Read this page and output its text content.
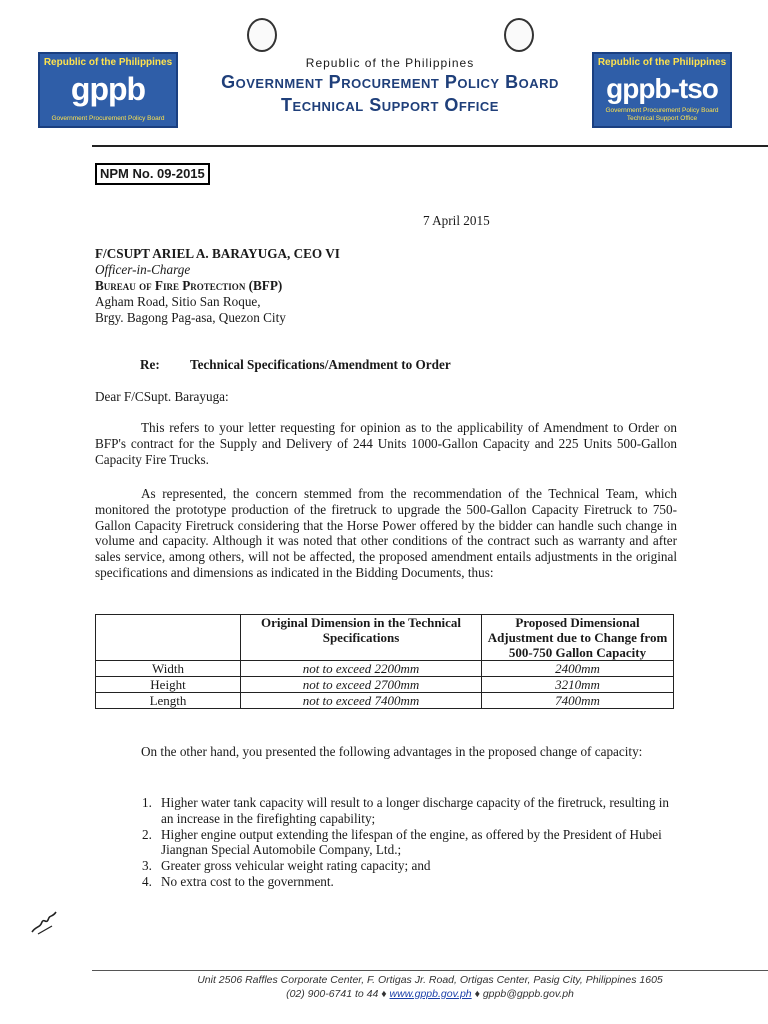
Republic of the Philippines
gppb
Government Procurement Policy Board
Republic of the Philippines
Government Procurement Policy Board
Technical Support Office
Republic of the Philippines
gppb-tso
Government Procurement Policy Board
Technical Support Office
NPM No. 09-2015
7 April 2015
F/CSUPT ARIEL A. BARAYUGA, CEO VI
Officer-in-Charge
Bureau of Fire Protection (BFP)
Agham Road, Sitio San Roque,
Brgy. Bagong Pag-asa, Quezon City
Re: Technical Specifications/Amendment to Order
Dear F/CSupt. Barayuga:
This refers to your letter requesting for opinion as to the applicability of Amendment to Order on BFP's contract for the Supply and Delivery of 244 Units 1000-Gallon Capacity and 225 Units 500-Gallon Capacity Fire Trucks.
As represented, the concern stemmed from the recommendation of the Technical Team, which monitored the prototype production of the firetruck to upgrade the 500-Gallon Capacity Firetruck to 750-Gallon Capacity Firetruck considering that the Horse Power offered by the bidder can handle such change in volume and capacity. Although it was noted that other conditions of the contract such as warranty and after sales service, among others, will not be affected, the proposed amendment entails adjustments in the original specifications and dimensions as indicated in the Bidding Documents, thus:
	Original Dimension in the Technical Specifications	Proposed Dimensional Adjustment due to Change from 500-750 Gallon Capacity
Width	not to exceed 2200mm	2400mm
Height	not to exceed 2700mm	3210mm
Length	not to exceed 7400mm	7400mm
On the other hand, you presented the following advantages in the proposed change of capacity:
1. Higher water tank capacity will result to a longer discharge capacity of the firetruck, resulting in an increase in the firefighting capability;
2. Higher engine output extending the lifespan of the engine, as offered by the President of Hubei Jiangnan Special Automobile Company, Ltd.;
3. Greater gross vehicular weight rating capacity; and
4. No extra cost to the government.
Unit 2506 Raffles Corporate Center, F. Ortigas Jr. Road, Ortigas Center, Pasig City, Philippines 1605
(02) 900-6741 to 44 ♦ www.gppb.gov.ph ♦ gppb@gppb.gov.ph
